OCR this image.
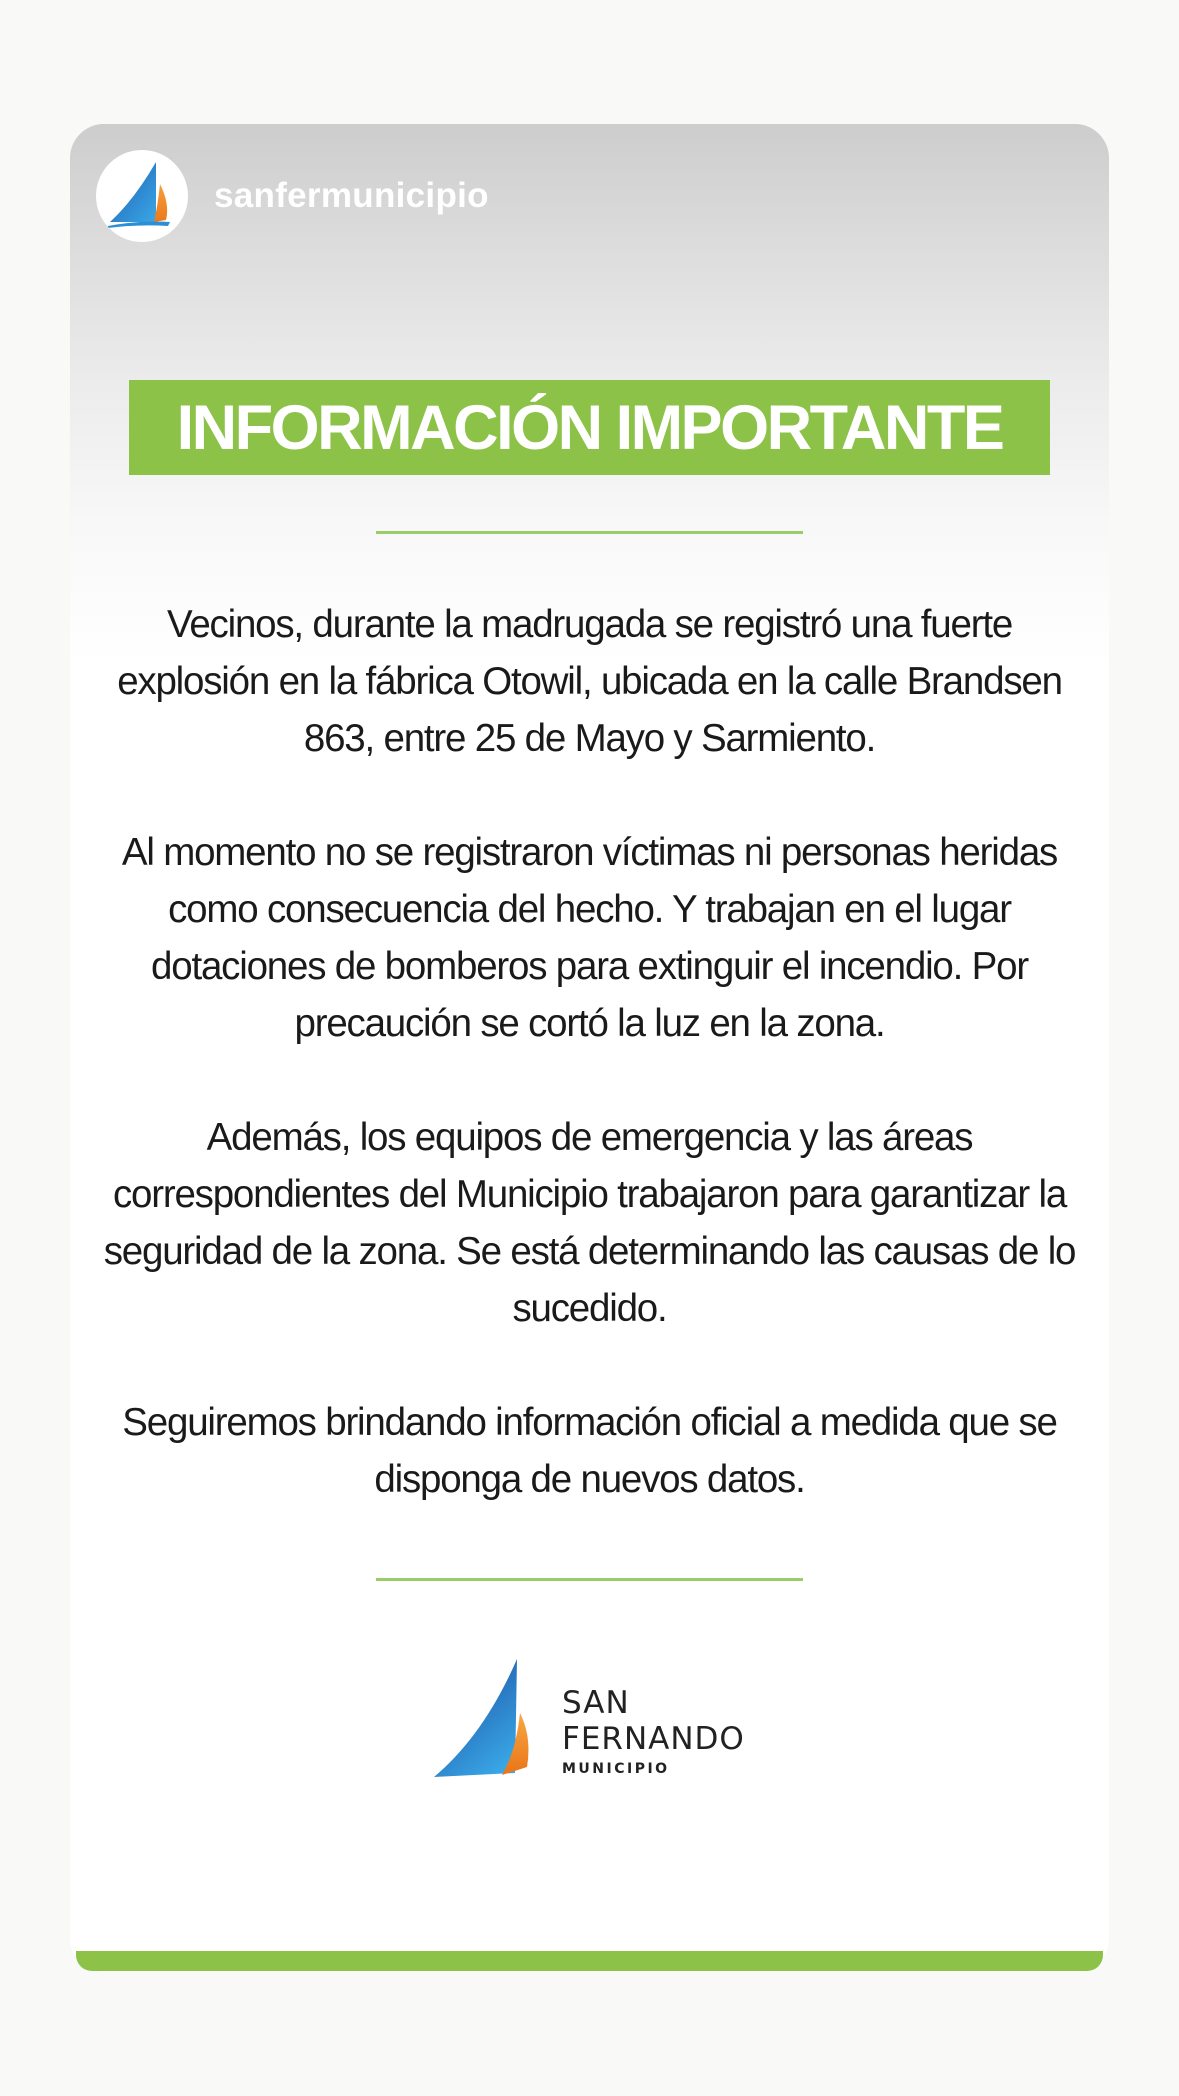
sanfermunicipio
INFORMACIÓN IMPORTANTE

Vecinos, durante la madrugada se registró una fuerte explosión en la fábrica Otowil, ubicada en la calle Brandsen 863, entre 25 de Mayo y Sarmiento.

Al momento no se registraron víctimas ni personas heridas como consecuencia del hecho. Y trabajan en el lugar dotaciones de bomberos para extinguir el incendio. Por precaución se cortó la luz en la zona.

Además, los equipos de emergencia y las áreas correspondientes del Municipio trabajaron para garantizar la seguridad de la zona. Se está determinando las causas de lo sucedido.

Seguiremos brindando información oficial a medida que se disponga de nuevos datos.

SAN
FERNANDO
MUNICIPIO
